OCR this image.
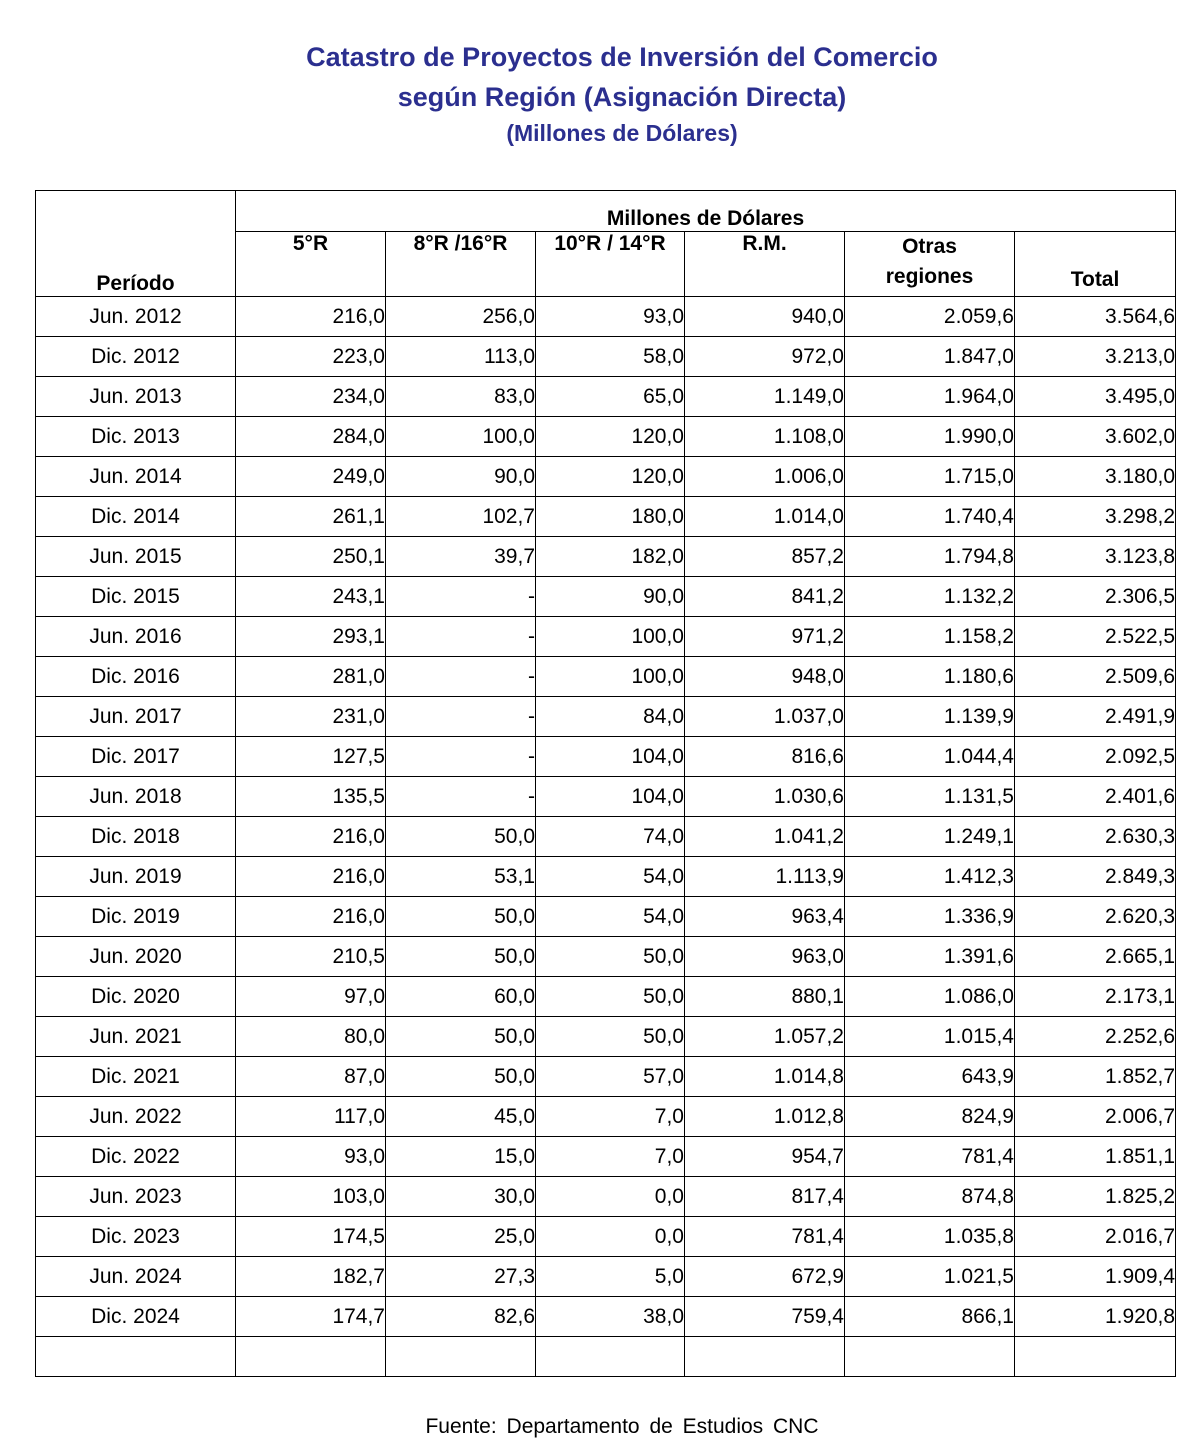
Catastro de Proyectos de Inversión del Comercio
según Región (Asignación Directa)
(Millones de Dólares)
Período	Millones de Dólares					
	5°R	8°R /16°R	10°R / 14°R	R.M.	Otras
regiones	Total
Jun. 2012	216,0	256,0	93,0	940,0	2.059,6	3.564,6
Dic. 2012	223,0	113,0	58,0	972,0	1.847,0	3.213,0
Jun. 2013	234,0	83,0	65,0	1.149,0	1.964,0	3.495,0
Dic. 2013	284,0	100,0	120,0	1.108,0	1.990,0	3.602,0
Jun. 2014	249,0	90,0	120,0	1.006,0	1.715,0	3.180,0
Dic. 2014	261,1	102,7	180,0	1.014,0	1.740,4	3.298,2
Jun. 2015	250,1	39,7	182,0	857,2	1.794,8	3.123,8
Dic. 2015	243,1	-	90,0	841,2	1.132,2	2.306,5
Jun. 2016	293,1	-	100,0	971,2	1.158,2	2.522,5
Dic. 2016	281,0	-	100,0	948,0	1.180,6	2.509,6
Jun. 2017	231,0	-	84,0	1.037,0	1.139,9	2.491,9
Dic. 2017	127,5	-	104,0	816,6	1.044,4	2.092,5
Jun. 2018	135,5	-	104,0	1.030,6	1.131,5	2.401,6
Dic. 2018	216,0	50,0	74,0	1.041,2	1.249,1	2.630,3
Jun. 2019	216,0	53,1	54,0	1.113,9	1.412,3	2.849,3
Dic. 2019	216,0	50,0	54,0	963,4	1.336,9	2.620,3
Jun. 2020	210,5	50,0	50,0	963,0	1.391,6	2.665,1
Dic. 2020	97,0	60,0	50,0	880,1	1.086,0	2.173,1
Jun. 2021	80,0	50,0	50,0	1.057,2	1.015,4	2.252,6
Dic. 2021	87,0	50,0	57,0	1.014,8	643,9	1.852,7
Jun. 2022	117,0	45,0	7,0	1.012,8	824,9	2.006,7
Dic. 2022	93,0	15,0	7,0	954,7	781,4	1.851,1
Jun. 2023	103,0	30,0	0,0	817,4	874,8	1.825,2
Dic. 2023	174,5	25,0	0,0	781,4	1.035,8	2.016,7
Jun. 2024	182,7	27,3	5,0	672,9	1.021,5	1.909,4
Dic. 2024	174,7	82,6	38,0	759,4	866,1	1.920,8

Fuente: Departamento de Estudios CNC
